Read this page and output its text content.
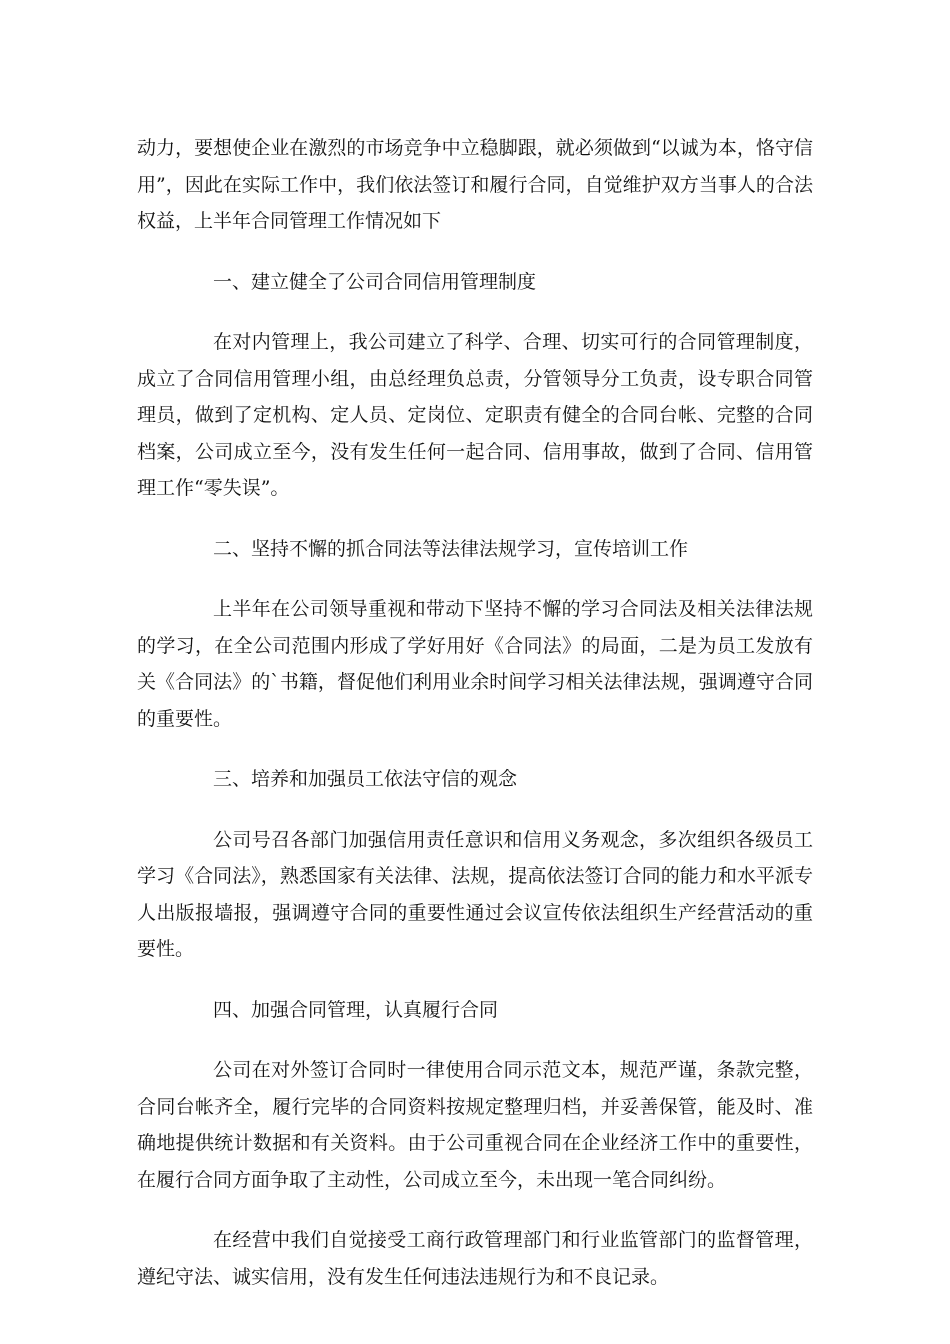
动力，要想使企业在激烈的市场竞争中立稳脚跟，就必须做到“以诚为本，恪守信用”，因此在实际工作中，我们依法签订和履行合同，自觉维护双方当事人的合法权益，上半年合同管理工作情况如下

一、建立健全了公司合同信用管理制度

在对内管理上，我公司建立了科学、合理、切实可行的合同管理制度，成立了合同信用管理小组，由总经理负总责，分管领导分工负责，设专职合同管理员，做到了定机构、定人员、定岗位、定职责有健全的合同台帐、完整的合同档案，公司成立至今，没有发生任何一起合同、信用事故，做到了合同、信用管理工作“零失误”。

二、坚持不懈的抓合同法等法律法规学习，宣传培训工作

上半年在公司领导重视和带动下坚持不懈的学习合同法及相关法律法规的学习，在全公司范围内形成了学好用好《合同法》的局面，二是为员工发放有关《合同法》的`书籍，督促他们利用业余时间学习相关法律法规，强调遵守合同的重要性。

三、培养和加强员工依法守信的观念

公司号召各部门加强信用责任意识和信用义务观念，多次组织各级员工学习《合同法》，熟悉国家有关法律、法规，提高依法签订合同的能力和水平派专人出版报墙报，强调遵守合同的重要性通过会议宣传依法组织生产经营活动的重要性。

四、加强合同管理，认真履行合同

公司在对外签订合同时一律使用合同示范文本，规范严谨，条款完整，合同台帐齐全，履行完毕的合同资料按规定整理归档，并妥善保管，能及时、准确地提供统计数据和有关资料。由于公司重视合同在企业经济工作中的重要性，在履行合同方面争取了主动性，公司成立至今，未出现一笔合同纠纷。

在经营中我们自觉接受工商行政管理部门和行业监管部门的监督管理，遵纪守法、诚实信用，没有发生任何违法违规行为和不良记录。
